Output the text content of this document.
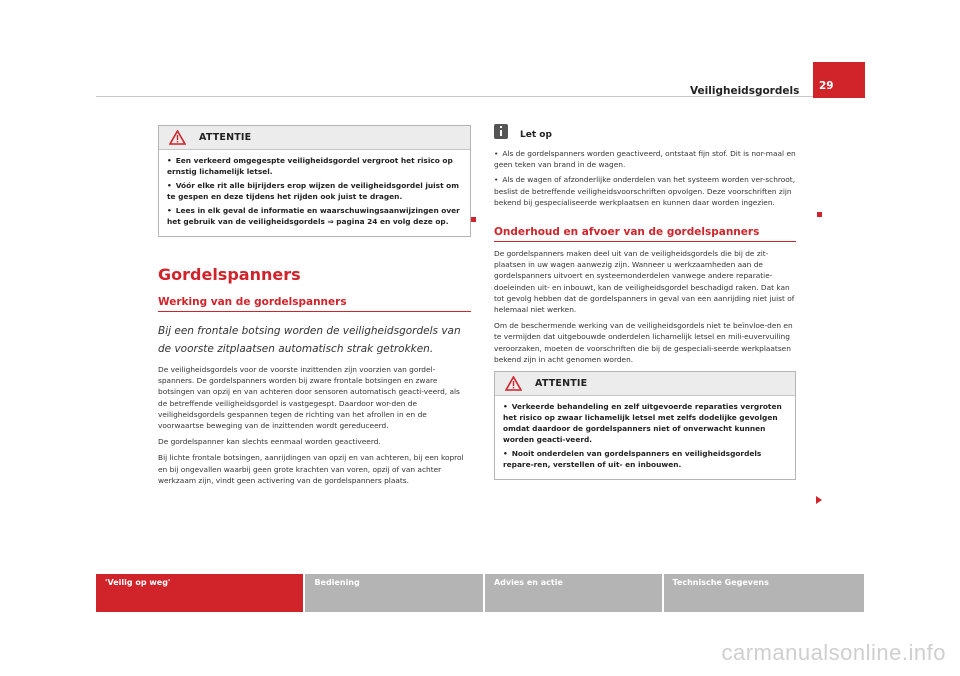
Veiligheidsgordels 29
ATTENTIE

• Een verkeerd omgegespte veiligheidsgordel vergroot het risico op ernstig lichamelijk letsel.

• Vóór elke rit alle bijrijders erop wijzen de veiligheidsgordel juist om te gespen en deze tijdens het rijden ook juist te dragen.

• Lees in elk geval de informatie en waarschuwingsaanwijzingen over het gebruik van de veiligheidsgordels ⇒ pagina 24 en volg deze op.

Gordelspanners
Werking van de gordelspanners
Bij een frontale botsing worden de veiligheidsgordels van de voorste zitplaatsen automatisch strak getrokken.

De veiligheidsgordels voor de voorste inzittenden zijn voorzien van gordel-spanners. De gordelspanners worden bij zware frontale botsingen en zware botsingen van opzij en van achteren door sensoren automatisch geacti-veerd, als de betreffende veiligheidsgordel is vastgegespt. Daardoor wor-den de veiligheidsgordels gespannen tegen de richting van het afrollen in en de voorwaartse beweging van de inzittenden wordt gereduceerd.

De gordelspanner kan slechts eenmaal worden geactiveerd.

Bij lichte frontale botsingen, aanrijdingen van opzij en van achteren, bij een koprol en bij ongevallen waarbij geen grote krachten van voren, opzij of van achter werkzaam zijn, vindt geen activering van de gordelspanners plaats.

Let op

• Als de gordelspanners worden geactiveerd, ontstaat fijn stof. Dit is nor-maal en geen teken van brand in de wagen.

• Als de wagen of afzonderlijke onderdelen van het systeem worden ver-schroot, beslist de betreffende veiligheidsvoorschriften opvolgen. Deze voorschriften zijn bekend bij gespecialiseerde werkplaatsen en kunnen daar worden ingezien.

Onderhoud en afvoer van de gordelspanners

De gordelspanners maken deel uit van de veiligheidsgordels die bij de zit-plaatsen in uw wagen aanwezig zijn. Wanneer u werkzaamheden aan de gordelspanners uitvoert en systeemonderdelen vanwege andere reparatie-doeleinden uit- en inbouwt, kan de veiligheidsgordel beschadigd raken. Dat kan tot gevolg hebben dat de gordelspanners in geval van een aanrijding niet juist of helemaal niet werken.

Om de beschermende werking van de veiligheidsgordels niet te beïnvloe-den en te vermijden dat uitgebouwde onderdelen lichamelijk letsel en mili-euvervuiling veroorzaken, moeten de voorschriften die bij de gespeciali-seerde werkplaatsen bekend zijn in acht genomen worden.

ATTENTIE

• Verkeerde behandeling en zelf uitgevoerde reparaties vergroten het risico op zwaar lichamelijk letsel met zelfs dodelijke gevolgen omdat daardoor de gordelspanners niet of onverwacht kunnen worden geacti-veerd.

• Nooit onderdelen van gordelspanners en veiligheidsgordels repare-ren, verstellen of uit- en inbouwen.

'Veilig op weg'	Bediening	Advies en actie	Technische Gegevens
carmanualsonline.info
